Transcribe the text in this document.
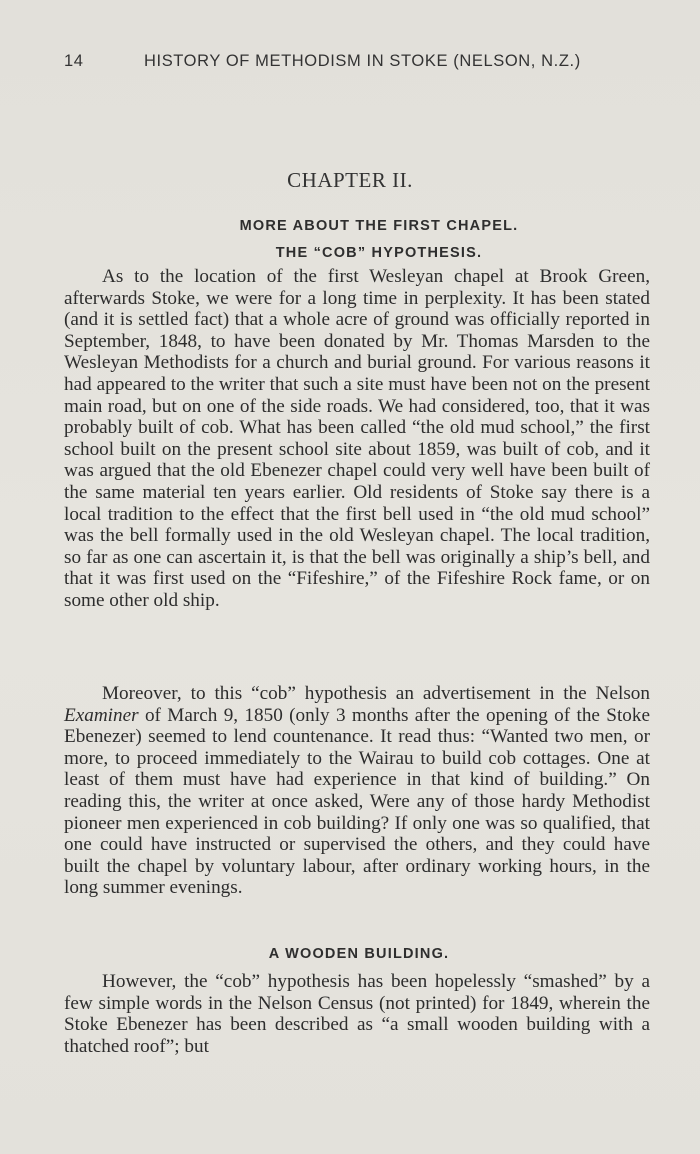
14	HISTORY OF METHODISM IN STOKE (NELSON, N.Z.)
CHAPTER II.
MORE ABOUT THE FIRST CHAPEL.
THE “COB” HYPOTHESIS.

As to the location of the first Wesleyan chapel at Brook Green, afterwards Stoke, we were for a long time in perplexity. It has been stated (and it is settled fact) that a whole acre of ground was officially reported in September, 1848, to have been donated by Mr. Thomas Marsden to the Wesleyan Methodists for a church and burial ground. For various reasons it had appeared to the writer that such a site must have been not on the present main road, but on one of the side roads. We had considered, too, that it was probably built of cob. What has been called “the old mud school,” the first school built on the present school site about 1859, was built of cob, and it was argued that the old Ebenezer chapel could very well have been built of the same material ten years earlier. Old residents of Stoke say there is a local tradition to the effect that the first bell used in “the old mud school” was the bell formally used in the old Wesleyan chapel. The local tradition, so far as one can ascertain it, is that the bell was originally a ship’s bell, and that it was first used on the “Fifeshire,” of the Fifeshire Rock fame, or on some other old ship.

Moreover, to this “cob” hypothesis an advertisement in the Nelson Examiner of March 9, 1850 (only 3 months after the opening of the Stoke Ebenezer) seemed to lend countenance. It read thus: “Wanted two men, or more, to proceed immediately to the Wairau to build cob cottages. One at least of them must have had experience in that kind of building.” On reading this, the writer at once asked, Were any of those hardy Methodist pioneer men experienced in cob building? If only one was so qualified, that one could have instructed or supervised the others, and they could have built the chapel by voluntary labour, after ordinary working hours, in the long summer evenings.

A WOODEN BUILDING.

However, the “cob” hypothesis has been hopelessly “smashed” by a few simple words in the Nelson Census (not printed) for 1849, wherein the Stoke Ebenezer has been described as “a small wooden building with a thatched roof”; but
